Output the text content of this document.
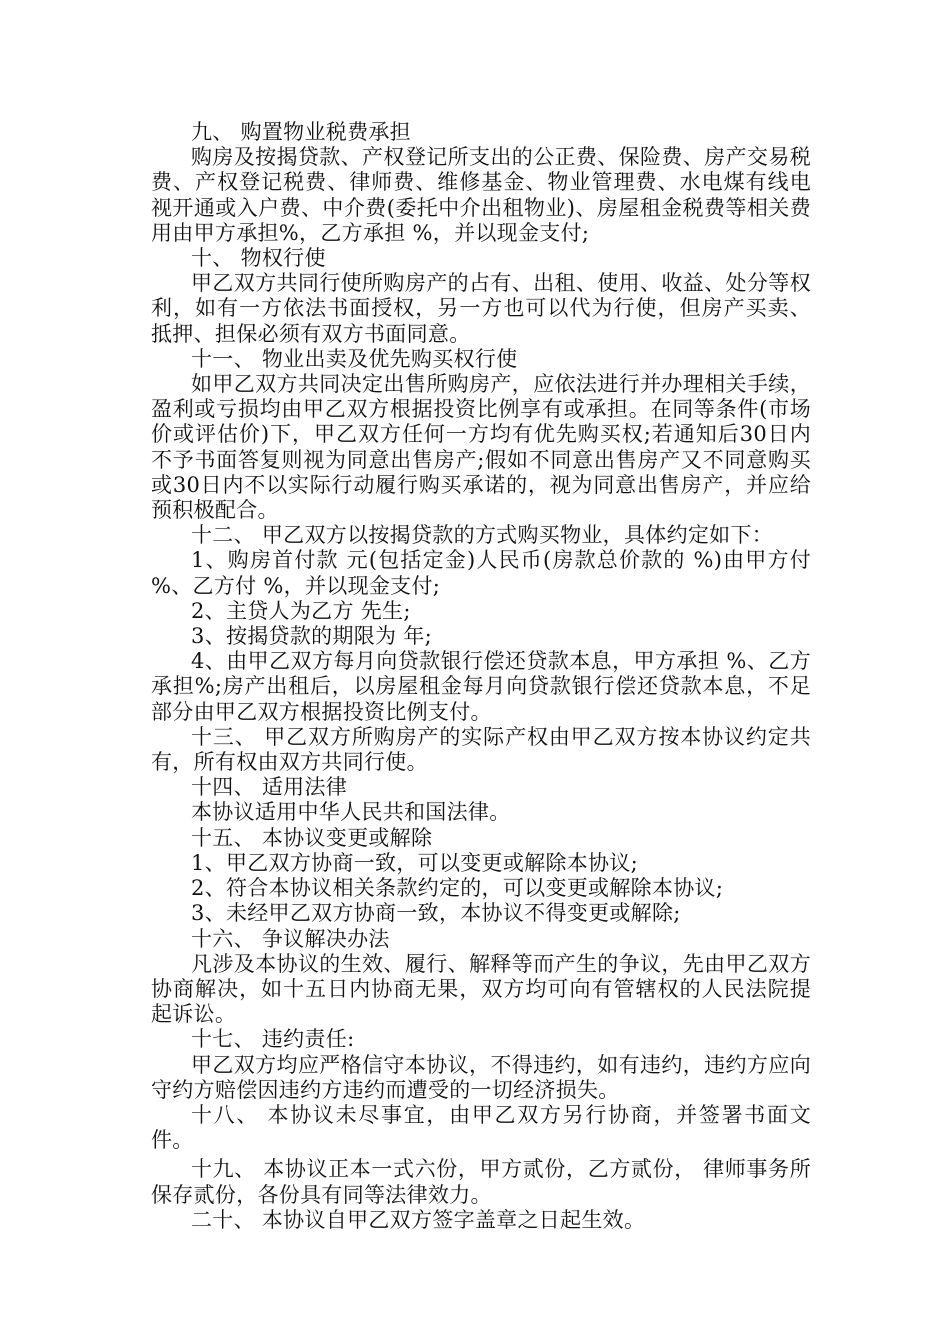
九、 购置物业税费承担

购房及按揭贷款、产权登记所支出的公正费、保险费、房产交易税费、产权登记税费、律师费、维修基金、物业管理费、水电煤有线电视开通或入户费、中介费(委托中介出租物业)、房屋租金税费等相关费用由甲方承担%，乙方承担 %，并以现金支付;

十、 物权行使

甲乙双方共同行使所购房产的占有、出租、使用、收益、处分等权利，如有一方依法书面授权，另一方也可以代为行使，但房产买卖、抵押、担保必须有双方书面同意。

十一、 物业出卖及优先购买权行使

如甲乙双方共同决定出售所购房产，应依法进行并办理相关手续，盈利或亏损均由甲乙双方根据投资比例享有或承担。在同等条件(市场价或评估价)下，甲乙双方任何一方均有优先购买权;若通知后30日内不予书面答复则视为同意出售房产;假如不同意出售房产又不同意购买或30日内不以实际行动履行购买承诺的，视为同意出售房产，并应给预积极配合。

十二、 甲乙双方以按揭贷款的方式购买物业，具体约定如下：

1、购房首付款 元(包括定金)人民币(房款总价款的 %)由甲方付 %、乙方付 %，并以现金支付;

2、主贷人为乙方 先生;

3、按揭贷款的期限为 年;

4、由甲乙双方每月向贷款银行偿还贷款本息，甲方承担 %、乙方承担%;房产出租后，以房屋租金每月向贷款银行偿还贷款本息，不足部分由甲乙双方根据投资比例支付。

十三、 甲乙双方所购房产的实际产权由甲乙双方按本协议约定共有，所有权由双方共同行使。

十四、 适用法律

本协议适用中华人民共和国法律。

十五、 本协议变更或解除

1、甲乙双方协商一致，可以变更或解除本协议;

2、符合本协议相关条款约定的，可以变更或解除本协议;

3、未经甲乙双方协商一致，本协议不得变更或解除;

十六、 争议解决办法

凡涉及本协议的生效、履行、解释等而产生的争议，先由甲乙双方协商解决，如十五日内协商无果，双方均可向有管辖权的人民法院提起诉讼。

十七、 违约责任:

甲乙双方均应严格信守本协议，不得违约，如有违约，违约方应向守约方赔偿因违约方违约而遭受的一切经济损失。

十八、 本协议未尽事宜，由甲乙双方另行协商，并签署书面文件。

十九、 本协议正本一式六份，甲方贰份，乙方贰份， 律师事务所保存贰份，各份具有同等法律效力。

二十、 本协议自甲乙双方签字盖章之日起生效。
